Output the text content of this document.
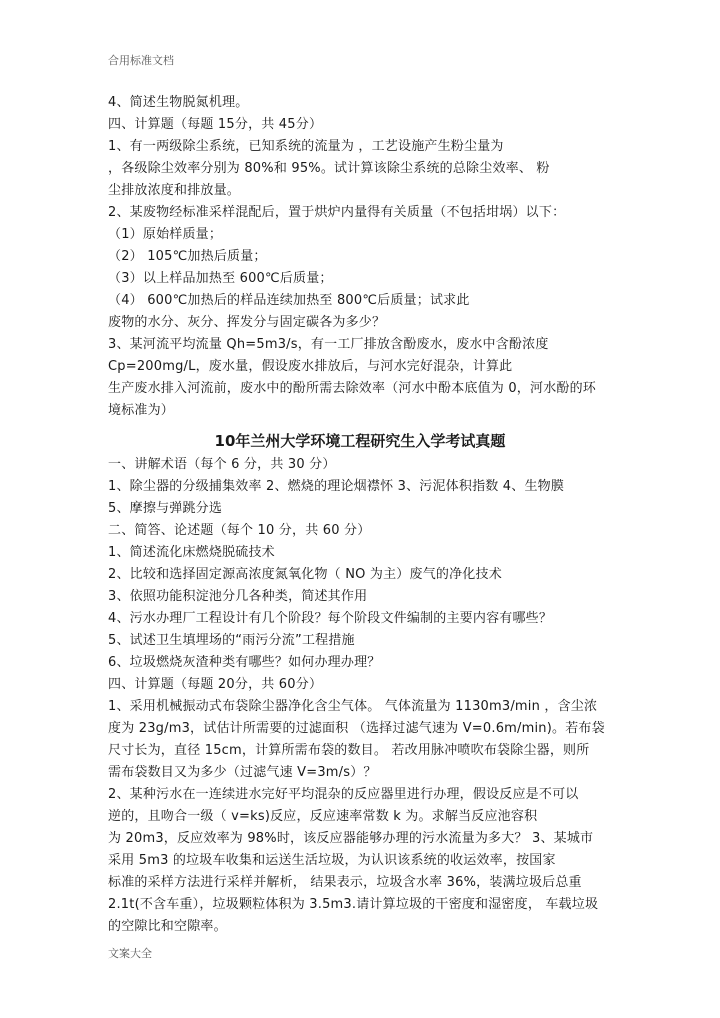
合用标准文档
4、简述生物脱氮机理。
四、计算题（每题 15分，共 45分）
1、有一两级除尘系统，已知系统的流量为 ，工艺设施产生粉尘量为
，各级除尘效率分别为 80%和 95%。试计算该除尘系统的总除尘效率、 粉
尘排放浓度和排放量。
2、某废物经标准采样混配后，置于烘炉内量得有关质量（不包括坩埚）以下：
（1）原始样质量；
（2） 105℃加热后质量；
（3）以上样品加热至 600℃后质量；
（4） 600℃加热后的样品连续加热至 800℃后质量；试求此
废物的水分、灰分、挥发分与固定碳各为多少？
3、某河流平均流量 Qh=5m3/s，有一工厂排放含酚废水，废水中含酚浓度
Cp=200mg/L，废水量，假设废水排放后，与河水完好混杂，计算此
生产废水排入河流前，废水中的酚所需去除效率（河水中酚本底值为 0，河水酚的环
境标准为）
10年兰州大学环境工程研究生入学考试真题
一、讲解术语（每个 6 分，共 30 分）
1、除尘器的分级捕集效率 2、燃烧的理论烟襟怀 3、污泥体积指数 4、生物膜
5、摩擦与弹跳分选
二、简答、论述题（每个 10 分，共 60 分）
1、简述流化床燃烧脱硫技术
2、比较和选择固定源高浓度氮氧化物（ NO 为主）废气的净化技术
3、依照功能积淀池分几各种类，简述其作用
4、污水办理厂工程设计有几个阶段？每个阶段文件编制的主要内容有哪些？
5、试述卫生填埋场的“雨污分流”工程措施
6、垃圾燃烧灰渣种类有哪些？如何办理办理？
四、计算题（每题 20分，共 60分）
1、采用机械振动式布袋除尘器净化含尘气体。 气体流量为 1130m3/min ，含尘浓
度为 23g/m3，试估计所需要的过滤面积 （选择过滤气速为 V=0.6m/min)。若布袋
尺寸长为，直径 15cm，计算所需布袋的数目。 若改用脉冲喷吹布袋除尘器，则所
需布袋数目又为多少（过滤气速 V=3m/s）？
2、某种污水在一连续进水完好平均混杂的反应器里进行办理，假设反应是不可以
逆的，且吻合一级（ v=ks)反应，反应速率常数 k 为。求解当反应池容积
为 20m3，反应效率为 98%时，该反应器能够办理的污水流量为多大？ 3、某城市
采用 5m3 的垃圾车收集和运送生活垃圾，为认识该系统的收运效率，按国家
标准的采样方法进行采样并解析， 结果表示，垃圾含水率 36%，装满垃圾后总重
2.1t(不含车重），垃圾颗粒体积为 3.5m3.请计算垃圾的干密度和湿密度， 车载垃圾
的空隙比和空隙率。
文案大全
